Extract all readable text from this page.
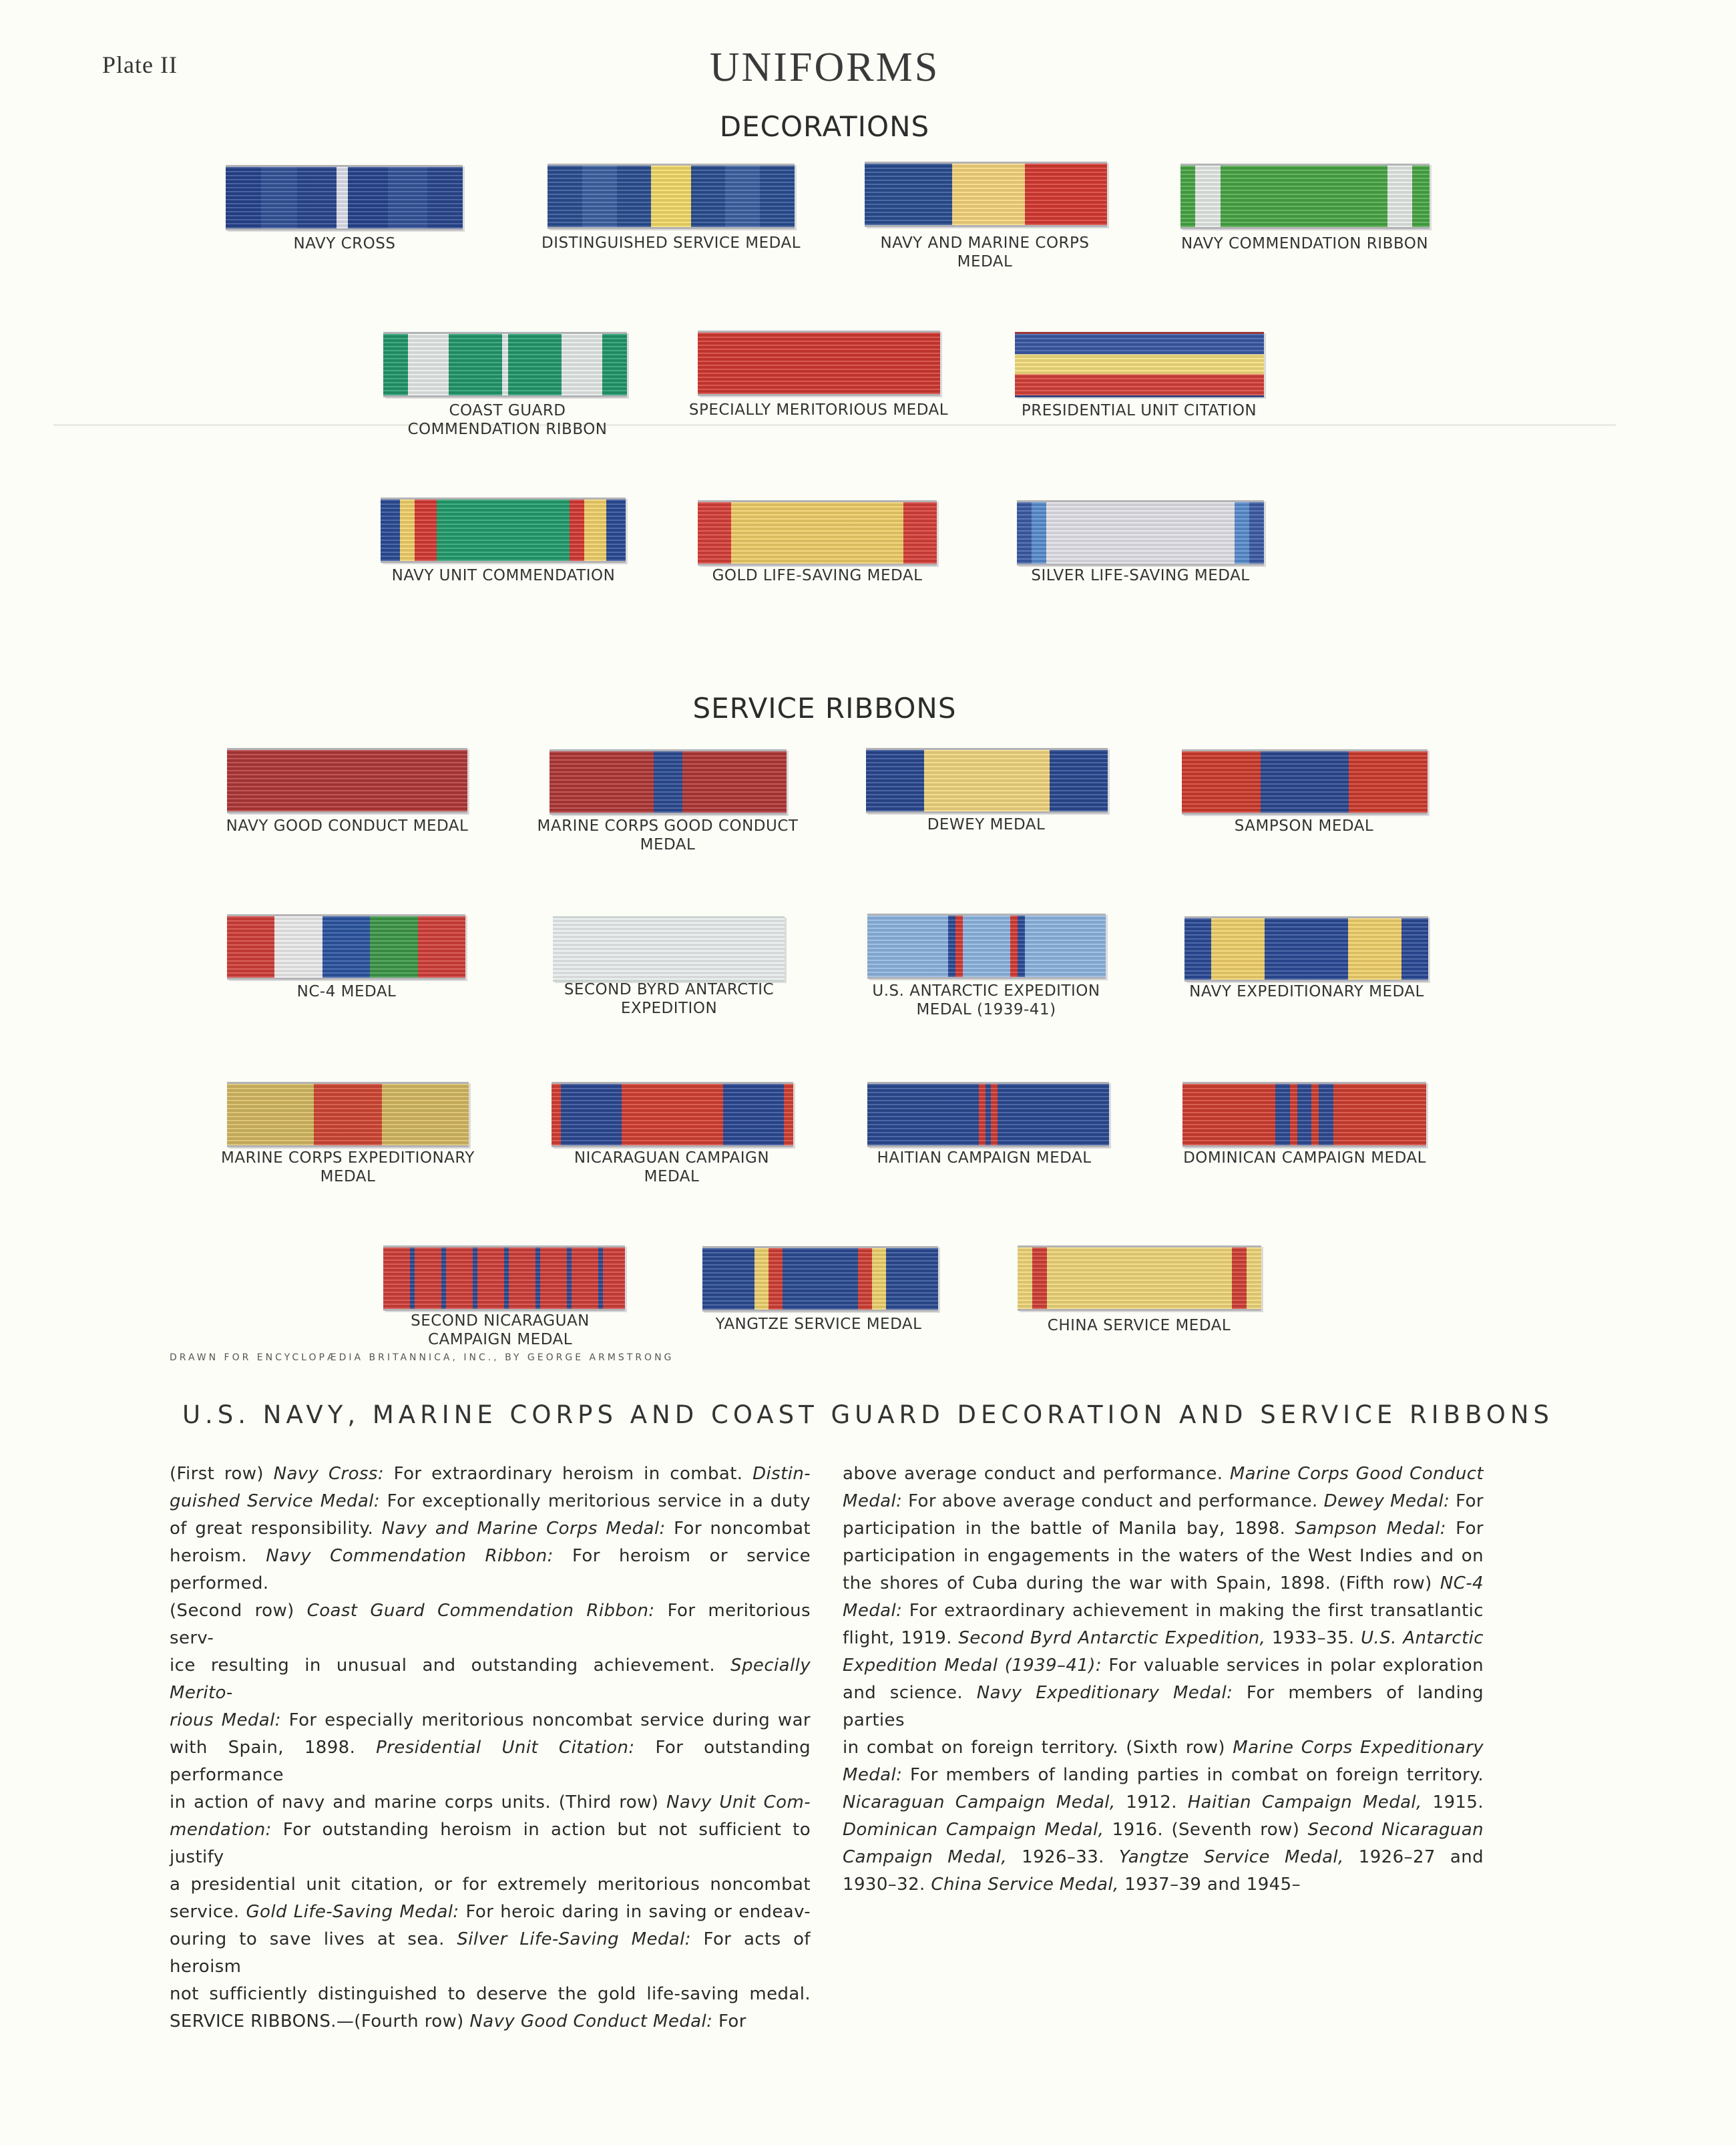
Plate II	UNIFORMS
DECORATIONS
NAVY CROSS	DISTINGUISHED SERVICE MEDAL	NAVY AND MARINE CORPS MEDAL
NAVY COMMENDATION RIBBON
COAST GUARD COMMENDATION RIBBON
SPECIALLY MERITORIOUS MEDAL	PRESIDENTIAL UNIT CITATION
NAVY UNIT COMMENDATION	GOLD LIFE-SAVING MEDAL	SILVER LIFE-SAVING MEDAL
SERVICE RIBBONS
NAVY GOOD CONDUCT MEDAL	MARINE CORPS GOOD CONDUCT MEDAL
DEWEY MEDAL	SAMPSON MEDAL
NC-4 MEDAL	SECOND BYRD ANTARCTIC EXPEDITION
U.S. ANTARCTIC EXPEDITION MEDAL (1939-41)
NAVY EXPEDITIONARY MEDAL
MARINE CORPS EXPEDITIONARY MEDAL
NICARAGUAN CAMPAIGN MEDAL
HAITIAN CAMPAIGN MEDAL	DOMINICAN CAMPAIGN MEDAL
SECOND NICARAGUAN CAMPAIGN MEDAL
YANGTZE SERVICE MEDAL	CHINA SERVICE MEDAL
DRAWN FOR ENCYCLOPÆDIA BRITANNICA, INC., BY GEORGE ARMSTRONG
U.S. NAVY, MARINE CORPS AND COAST GUARD DECORATION AND SERVICE RIBBONS
(First row) Navy Cross: For extraordinary heroism in combat. Distin-
guished Service Medal: For exceptionally meritorious service in a duty
of great responsibility. Navy and Marine Corps Medal: For noncombat
heroism. Navy Commendation Ribbon: For heroism or service performed.
(Second row) Coast Guard Commendation Ribbon: For meritorious serv-
ice resulting in unusual and outstanding achievement. Specially Merito-
rious Medal: For especially meritorious noncombat service during war
with Spain, 1898. Presidential Unit Citation: For outstanding performance
in action of navy and marine corps units. (Third row) Navy Unit Com-
mendation: For outstanding heroism in action but not sufficient to justify
a presidential unit citation, or for extremely meritorious noncombat
service. Gold Life-Saving Medal: For heroic daring in saving or endeav-
ouring to save lives at sea. Silver Life-Saving Medal: For acts of heroism
not sufficiently distinguished to deserve the gold life-saving medal.
SERVICE RIBBONS.—(Fourth row) Navy Good Conduct Medal: For
above average conduct and performance. Marine Corps Good Conduct
Medal: For above average conduct and performance. Dewey Medal: For
participation in the battle of Manila bay, 1898. Sampson Medal: For
participation in engagements in the waters of the West Indies and on
the shores of Cuba during the war with Spain, 1898. (Fifth row) NC-4
Medal: For extraordinary achievement in making the first transatlantic
flight, 1919. Second Byrd Antarctic Expedition, 1933–35. U.S. Antarctic
Expedition Medal (1939–41): For valuable services in polar exploration
and science. Navy Expeditionary Medal: For members of landing parties
in combat on foreign territory. (Sixth row) Marine Corps Expeditionary
Medal: For members of landing parties in combat on foreign territory.
Nicaraguan Campaign Medal, 1912. Haitian Campaign Medal, 1915.
Dominican Campaign Medal, 1916. (Seventh row) Second Nicaraguan
Campaign Medal, 1926–33. Yangtze Service Medal, 1926–27 and
1930–32. China Service Medal, 1937–39 and 1945–
